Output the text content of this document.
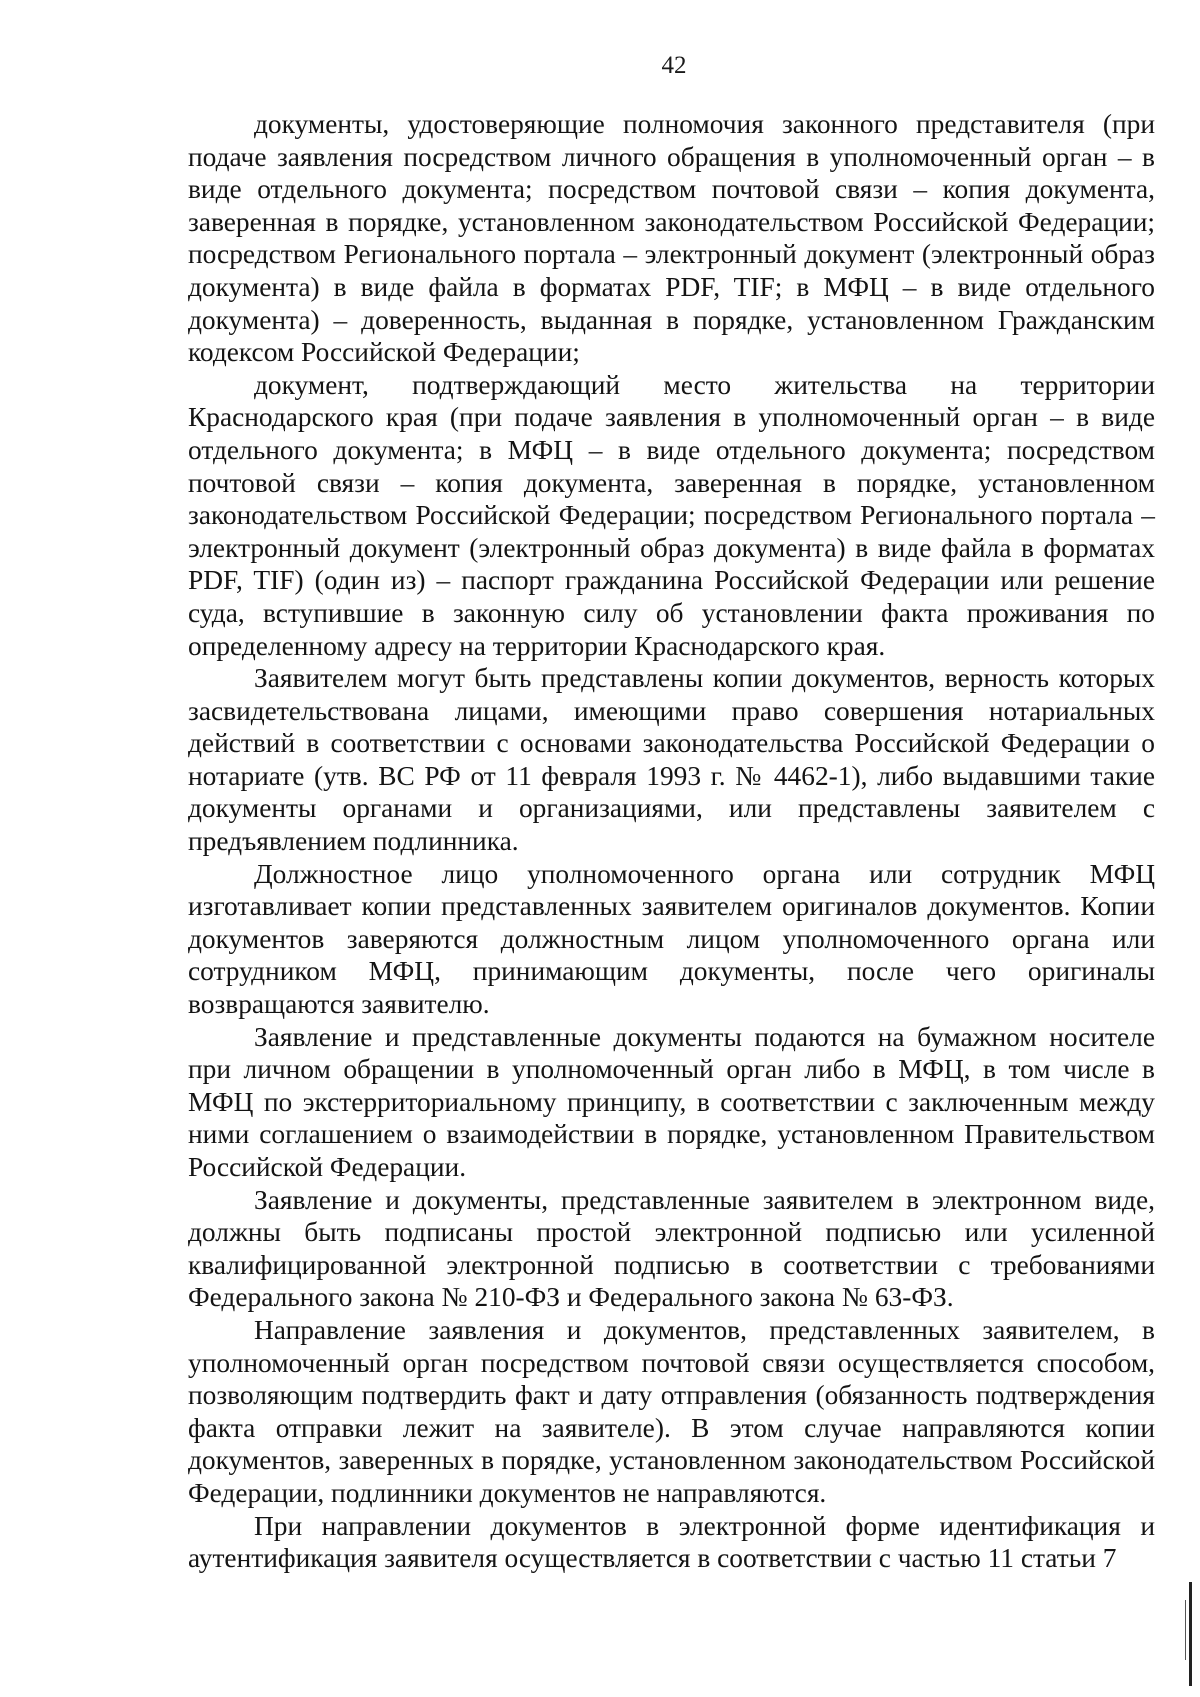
42

документы, удостоверяющие полномочия законного представителя (при подаче заявления посредством личного обращения в уполномоченный орган – в виде отдельного документа; посредством почтовой связи – копия документа, заверенная в порядке, установленном законодательством Российской Федерации; посредством Регионального портала – электронный документ (электронный образ документа) в виде файла в форматах PDF, TIF; в МФЦ – в виде отдельного документа) – доверенность, выданная в порядке, установленном Гражданским кодексом Российской Федерации;

документ, подтверждающий место жительства на территории Краснодарского края (при подаче заявления в уполномоченный орган – в виде отдельного документа; в МФЦ – в виде отдельного документа; посредством почтовой связи – копия документа, заверенная в порядке, установленном законодательством Российской Федерации; посредством Регионального портала – электронный документ (электронный образ документа) в виде файла в форматах PDF, TIF) (один из) – паспорт гражданина Российской Федерации или решение суда, вступившие в законную силу об установлении факта проживания по определенному адресу на территории Краснодарского края.

Заявителем могут быть представлены копии документов, верность которых засвидетельствована лицами, имеющими право совершения нотариальных действий в соответствии с основами законодательства Российской Федерации о нотариате (утв. ВС РФ от 11 февраля 1993 г. № 4462-1), либо выдавшими такие документы органами и организациями, или представлены заявителем с предъявлением подлинника.

Должностное лицо уполномоченного органа или сотрудник МФЦ изготавливает копии представленных заявителем оригиналов документов. Копии документов заверяются должностным лицом уполномоченного органа или сотрудником МФЦ, принимающим документы, после чего оригиналы возвращаются заявителю.

Заявление и представленные документы подаются на бумажном носителе при личном обращении в уполномоченный орган либо в МФЦ, в том числе в МФЦ по экстерриториальному принципу, в соответствии с заключенным между ними соглашением о взаимодействии в порядке, установленном Правительством Российской Федерации.

Заявление и документы, представленные заявителем в электронном виде, должны быть подписаны простой электронной подписью или усиленной квалифицированной электронной подписью в соответствии с требованиями Федерального закона № 210-ФЗ и Федерального закона № 63-ФЗ.

Направление заявления и документов, представленных заявителем, в уполномоченный орган посредством почтовой связи осуществляется способом, позволяющим подтвердить факт и дату отправления (обязанность подтверждения факта отправки лежит на заявителе). В этом случае направляются копии документов, заверенных в порядке, установленном законодательством Российской Федерации, подлинники документов не направляются.

При направлении документов в электронной форме идентификация и аутентификация заявителя осуществляется в соответствии с частью 11 статьи 7
